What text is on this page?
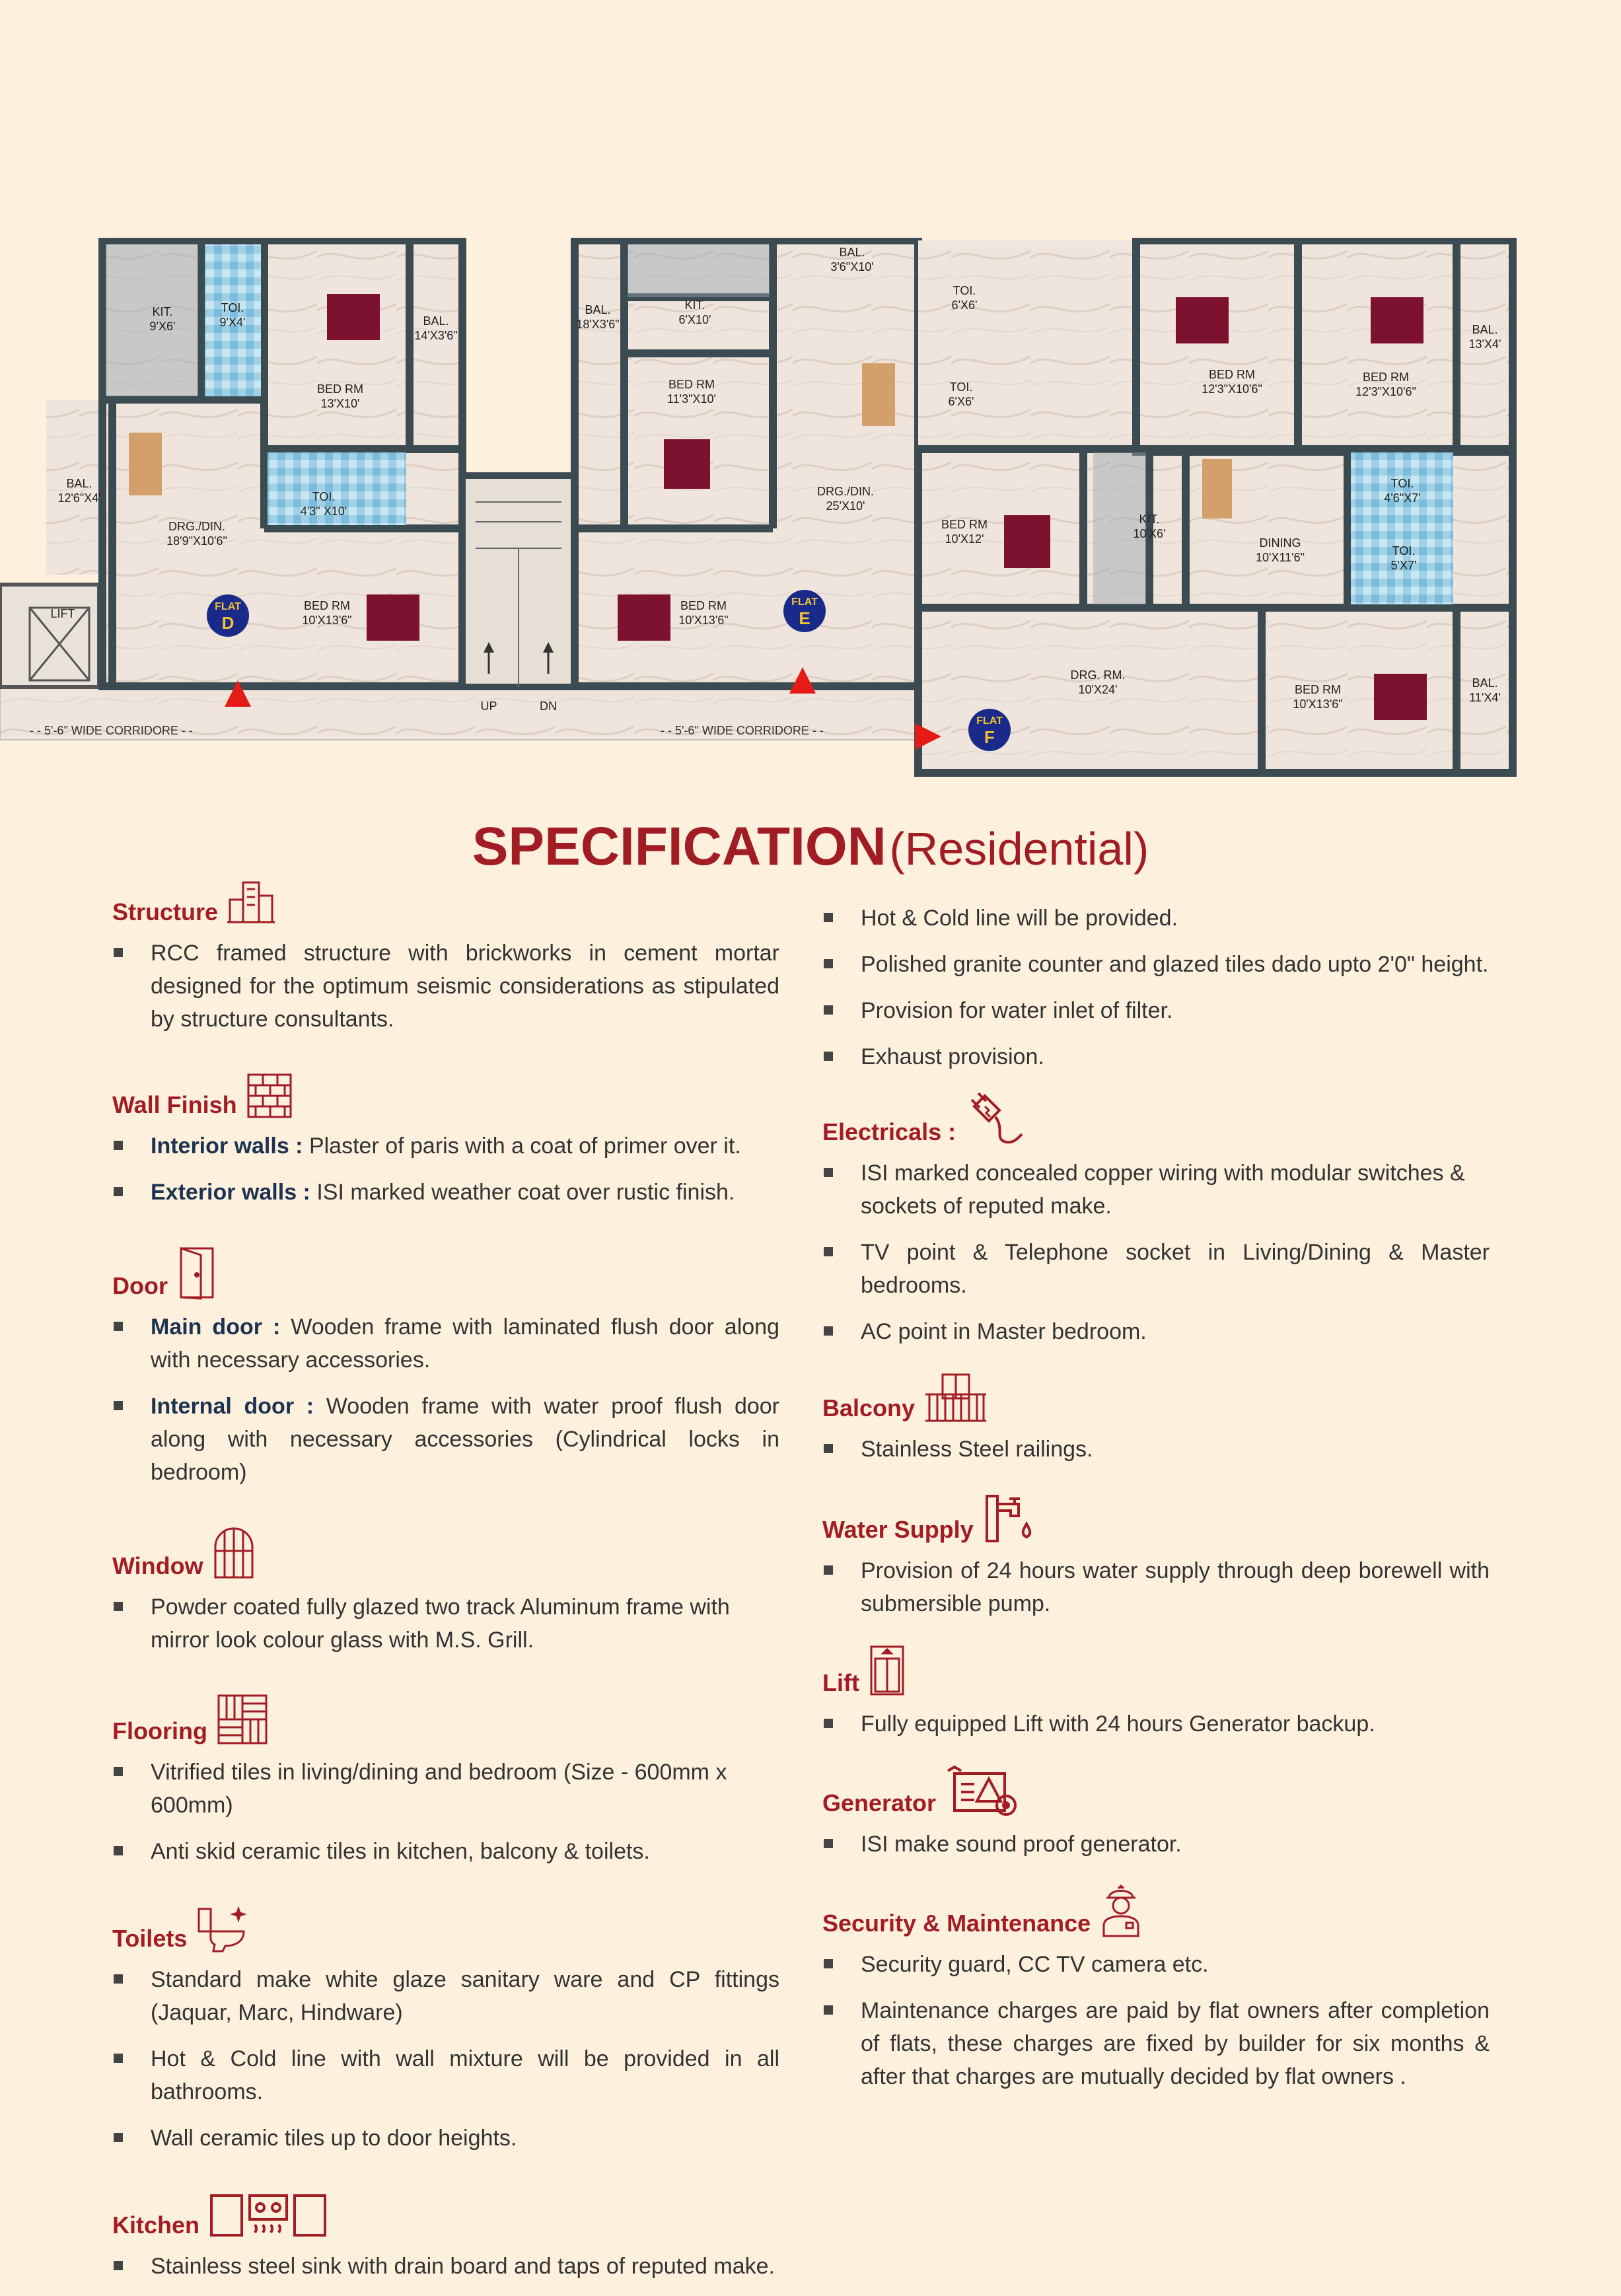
FLAT
D
FLAT
E
FLAT
F
KIT.
9'X6'
TOI.
9'X4'
BED RM
13'X10'
BAL.
14'X3'6"
BAL.
12'6"X4'
DRG./DIN.
18'9"X10'6"
TOI.
4'3" X10'
BED RM
10'X13'6"
BAL.
18'X3'6"
KIT.
6'X10'
BAL.
3'6"X10'
TOI.
6'X6'
TOI.
6'X6'
BED RM
11'3"X10'
DRG./DIN.
25'X10'
BED RM
10'X13'6"
BED RM
12'3"X10'6"
BED RM
12'3"X10'6"
BAL.
13'X4'
BED RM
10'X12'
KIT.
10'X6'
TOI.
4'6"X7'
DINING
10'X11'6"	TOI.
5'X7'
DRG. RM.
10'X24'	BED RM
10'X13'6"
BAL.
11'X4'
LIFT
UP	DN
- - 5'-6" WIDE CORRIDORE - -	- - 5'-6" WIDE CORRIDORE - -
SPECIFICATION (Residential)
Structure
RCC framed structure with brickworks in cement mortar designed for the optimum seismic considerations as stipulated by structure consultants.
Wall Finish
Interior walls : Plaster of paris with a coat of primer over it.
Exterior walls : ISI marked weather coat over rustic finish.
Door
Main door : Wooden frame with laminated flush door along with necessary accessories.
Internal door : Wooden frame with water proof flush door along with necessary accessories (Cylindrical locks in bedroom)
Window
Powder coated fully glazed two track Aluminum frame with mirror look colour glass with M.S. Grill.
Flooring
Vitrified tiles in living/dining and bedroom (Size - 600mm x 600mm)
Anti skid ceramic tiles in kitchen, balcony & toilets.
Toilets
Standard make white glaze sanitary ware and CP fittings (Jaquar, Marc, Hindware)
Hot & Cold line with wall mixture will be provided in all bathrooms.
Wall ceramic tiles up to door heights.
Kitchen
Stainless steel sink with drain board and taps of reputed make.
Hot & Cold line will be provided.
Polished granite counter and glazed tiles dado upto 2'0" height.
Provision for water inlet of filter.
Exhaust provision.
Electricals :
ISI marked concealed copper wiring with modular switches & sockets of reputed make.
TV point & Telephone socket in Living/Dining & Master bedrooms.
AC point in Master bedroom.
Balcony
Stainless Steel railings.
Water Supply
Provision of 24 hours water supply through deep borewell with submersible pump.
Lift
Fully equipped Lift with 24 hours Generator backup.
Generator
ISI make sound proof generator.
Security & Maintenance
Security guard, CC TV camera etc.
Maintenance charges are paid by flat owners after completion of flats, these charges are fixed by builder for six months & after that charges are mutually decided by flat owners .
